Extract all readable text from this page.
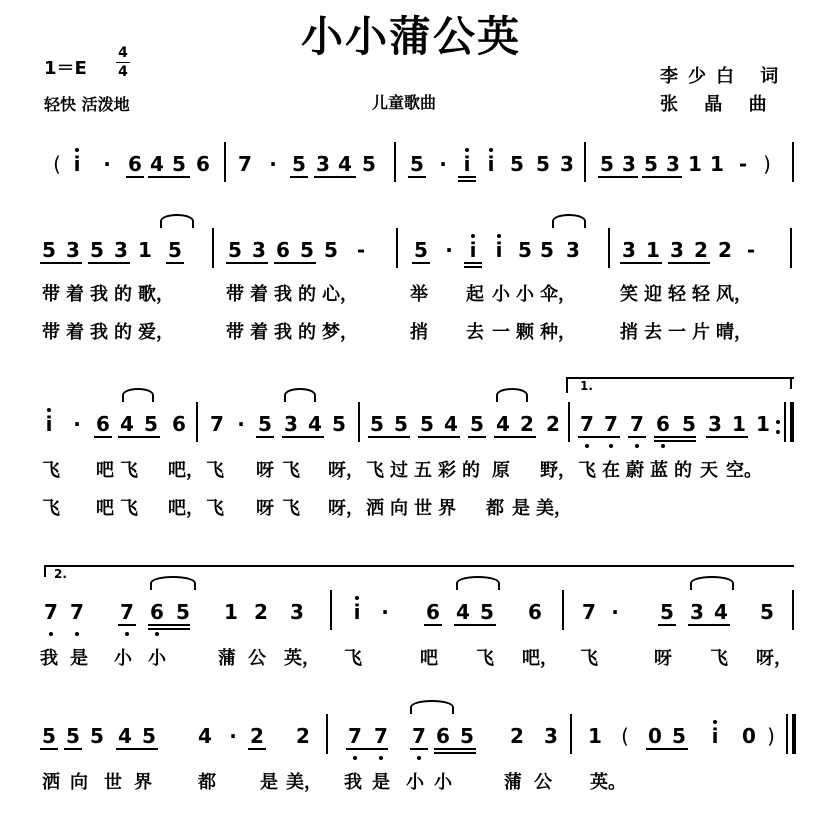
小小蒲公英
1＝E
4
4
轻快 活泼地	儿童歌曲
李少白 词
张 晶 曲
( i · 6 4 5 6 7 · 5 3 4 5 5 · i i 5 5 3 5 3 5 3 1 1 - )
5 3 5 3 1 5 5 3 6 5 5 - 5 · i i 5 5 3 3 1 3 2 2 -
带 着 我 的 歌，	带 着 我 的 心，	举 起 小 小 伞， 笑 迎 轻 轻 风，
带 着 我 的 爱，	带 着 我 的 梦，	捎 去 一 颗 种， 捎 去 一 片 晴，
1.
i · 6 4 5 6 7 · 5 3 4 5 5 5 5 4 5 4 2 2 7 7 7 6 5 3 1 1
飞 吧 飞 吧， 飞 呀 飞 呀， 飞 过 五 彩 的 原 野， 飞 在 蔚 蓝 的 天 空。
飞 吧 飞 吧， 飞 呀 飞 呀， 洒 向 世 界 都 是 美，
2.
7 7 7 6 5 1 2 3 i · 6 4 5 6 7 · 5 3 4 5
我 是 小 小	蒲 公 英， 飞	吧 飞 吧， 飞	呀 飞 呀，
5 5 5 4 5 4 · 2 2 7 7 7 6 5 2 3 1 ( 0 5 i 0 )
洒 向 世 界	都 是 美， 我 是 小 小	蒲 公 英。
